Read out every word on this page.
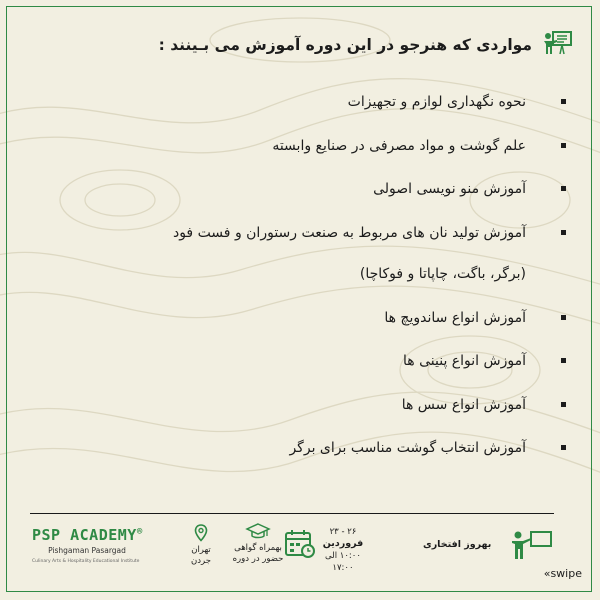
مواردی که هنرجو در این دوره آموزش می بـینند :
نحوه نگهداری لوازم و تجهیزات
علم گوشت و مواد مصرفی در صنایع وابسته
آموزش منو نویسی اصولی
آموزش تولید نان های مربوط به صنعت رستوران و فست فود
(برگر، باگت، چاپاتا و فوکاچا)
آموزش انواع ساندویچ ها
آموزش انواع پنینی ها
آموزش انواع سس ها
آموزش انتخاب گوشت مناسب برای برگر
PSP ACADEMY®
Pishgaman Pasargad
Culinary Arts & Hospitality Educational Institute
تهران
جردن
بهمراه گواهی
حضور در دوره
۲۶ - ۲۳
فروردین
۱۰:۰۰ الی ۱۷:۰۰
بهروز افتخاری
«swipe
